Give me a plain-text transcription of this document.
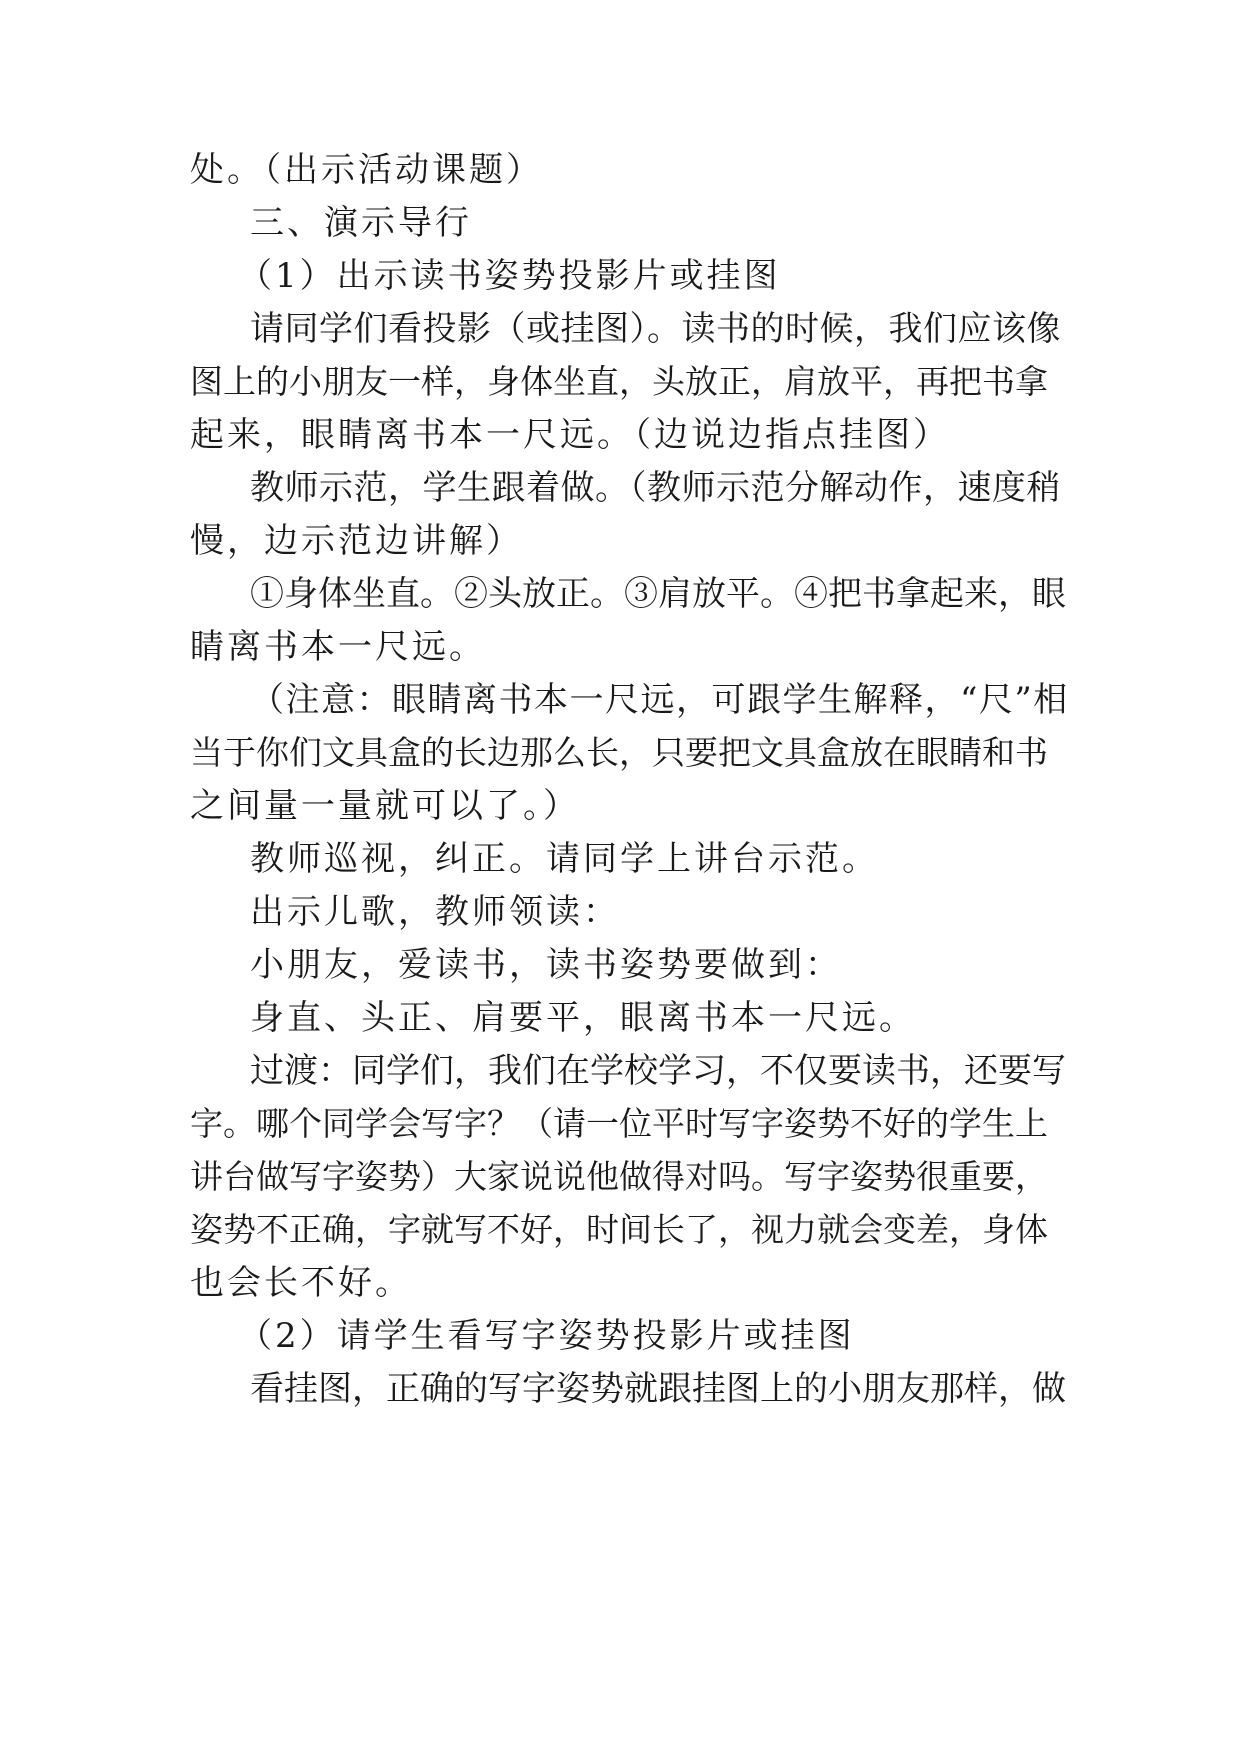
处。（出示活动课题）
三、演示导行
（1）出示读书姿势投影片或挂图
请同学们看投影（或挂图）。读书的时候，我们应该像
图上的小朋友一样，身体坐直，头放正，肩放平，再把书拿
起来，眼睛离书本一尺远。（边说边指点挂图）
教师示范，学生跟着做。（教师示范分解动作，速度稍
慢，边示范边讲解）
①身体坐直。②头放正。③肩放平。④把书拿起来，眼
睛离书本一尺远。
（注意：眼睛离书本一尺远，可跟学生解释，“尺”相
当于你们文具盒的长边那么长，只要把文具盒放在眼睛和书
之间量一量就可以了。）
教师巡视，纠正。请同学上讲台示范。
出示儿歌，教师领读：
小朋友，爱读书，读书姿势要做到：
身直、头正、肩要平，眼离书本一尺远。
过渡：同学们，我们在学校学习，不仅要读书，还要写
字。哪个同学会写字？（请一位平时写字姿势不好的学生上
讲台做写字姿势）大家说说他做得对吗。写字姿势很重要，
姿势不正确，字就写不好，时间长了，视力就会变差，身体
也会长不好。
（2）请学生看写字姿势投影片或挂图
看挂图，正确的写字姿势就跟挂图上的小朋友那样，做
